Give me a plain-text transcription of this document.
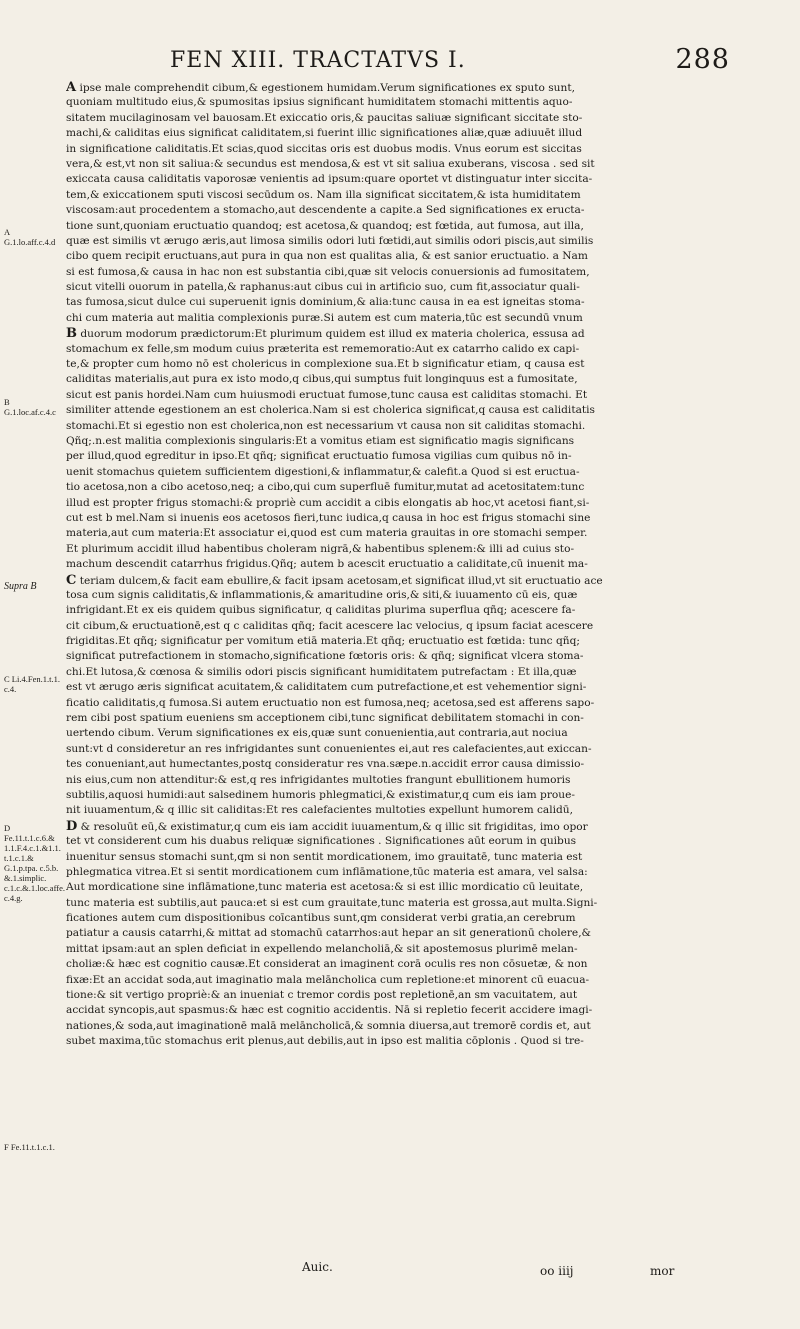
FEN XIII. TRACTATVS I.	288
A G.1.lo.aff.c.4.d
B G.1.loc.af.c.4.c
Supra B
C Li.4.Fen.1.t.1. c.4.
D Fe.11.t.1.c.6.& 1.1.F.4.c.1.&1.1. t.1.c.1.& G.1.p.tpa. c.5.b. &.1.simplic. c.1.c.&.1.loc.affe. c.4.g.
F Fe.11.t.1.c.1.
A ipse male comprehendit cibum,& egestionem humidam.Verum significationes ex sputo sunt,
quoniam multitudo eius,& spumositas ipsius significant humiditatem stomachi mittentis aquo-
sitatem mucilaginosam vel bauosam.Et exiccatio oris,& paucitas saliuæ significant siccitate sto-
machi,& caliditas eius significat caliditatem,si fuerint illic significationes aliæ,quæ adiuuēt illud
in significatione caliditatis.Et scias,quod siccitas oris est duobus modis. Vnus eorum est siccitas
vera,& est,vt non sit saliua:& secundus est mendosa,& est vt sit saliua exuberans, viscosa . sed sit
exiccata causa caliditatis vaporosæ venientis ad ipsum:quare oportet vt distinguatur inter siccita-
tem,& exiccationem sputi viscosi secūdum os. Nam illa significat siccitatem,& ista humiditatem
viscosam:aut procedentem a stomacho,aut descendente a capite.a Sed significationes ex eructa-
tione sunt,quoniam eructuatio quandoq; est acetosa,& quandoq; est fœtida, aut fumosa, aut illa,
quæ est similis vt ærugo æris,aut limosa similis odori luti fœtidi,aut similis odori piscis,aut similis
cibo quem recipit eructuans,aut pura in qua non est qualitas alia, & est sanior eructuatio. a Nam
si est fumosa,& causa in hac non est substantia cibi,quæ sit velocis conuersionis ad fumositatem,
sicut vitelli ouorum in patella,& raphanus:aut cibus cui in artificio suo, cum fit,associatur quali-
tas fumosa,sicut dulce cui superuenit ignis dominium,& alia:tunc causa in ea est igneitas stoma-
chi cum materia aut malitia complexionis puræ.Si autem est cum materia,tūc est secundū vnum
B duorum modorum prædictorum:Et plurimum quidem est illud ex materia cholerica, essusa ad
stomachum ex felle,sm modum cuius præterita est rememoratio:Aut ex catarrho calido ex capi-
te,& propter cum homo nō est cholericus in complexione sua.Et b significatur etiam, q causa est
caliditas materialis,aut pura ex isto modo,q cibus,qui sumptus fuit longinquus est a fumositate,
sicut est panis hordei.Nam cum huiusmodi eructuat fumose,tunc causa est caliditas stomachi. Et
similiter attende egestionem an est cholerica.Nam si est cholerica significat,q causa est caliditatis
stomachi.Et si egestio non est cholerica,non est necessarium vt causa non sit caliditas stomachi.
Qñq;.n.est malitia complexionis singularis:Et a vomitus etiam est significatio magis significans
per illud,quod egreditur in ipso.Et qñq; significat eructuatio fumosa vigilias cum quibus nō in-
uenit stomachus quietem sufficientem digestioni,& inflammatur,& calefit.a Quod si est eructua-
tio acetosa,non a cibo acetoso,neq; a cibo,qui cum superfluē fumitur,mutat ad acetositatem:tunc
illud est propter frigus stomachi:& propriè cum accidit a cibis elongatis ab hoc,vt acetosi fiant,si-
cut est b mel.Nam si inuenis eos acetosos fieri,tunc iudica,q causa in hoc est frigus stomachi sine
materia,aut cum materia:Et associatur ei,quod est cum materia grauitas in ore stomachi semper.
Et plurimum accidit illud habentibus choleram nigrā,& habentibus splenem:& illi ad cuius sto-
machum descendit catarrhus frigidus.Qñq; autem b acescit eructuatio a caliditate,cū inuenit ma-
C teriam dulcem,& facit eam ebullire,& facit ipsam acetosam,et significat illud,vt sit eructuatio ace
tosa cum signis caliditatis,& inflammationis,& amaritudine oris,& siti,& iuuamento cū eis, quæ
infrigidant.Et ex eis quidem quibus significatur, q caliditas plurima superflua qñq; acescere fa-
cit cibum,& eructuationē,est q c caliditas qñq; facit acescere lac velocius, q ipsum faciat acescere
frigiditas.Et qñq; significatur per vomitum etiā materia.Et qñq; eructuatio est fœtida: tunc qñq;
significat putrefactionem in stomacho,significatione fœtoris oris: & qñq; significat vlcera stoma-
chi.Et lutosa,& cœnosa & similis odori piscis significant humiditatem putrefactam : Et illa,quæ
est vt ærugo æris significat acuitatem,& caliditatem cum putrefactione,et est vehementior signi-
ficatio caliditatis,q fumosa.Si autem eructuatio non est fumosa,neq; acetosa,sed est afferens sapo-
rem cibi post spatium eueniens sm acceptionem cibi,tunc significat debilitatem stomachi in con-
uertendo cibum. Verum significationes ex eis,quæ sunt conuenientia,aut contraria,aut nociua
sunt:vt d consideretur an res infrigidantes sunt conuenientes ei,aut res calefacientes,aut exiccan-
tes conueniant,aut humectantes,postq consideratur res vna.sæpe.n.accidit error causa dimissio-
nis eius,cum non attenditur:& est,q res infrigidantes multoties frangunt ebullitionem humoris
subtilis,aquosi humidi:aut salsedinem humoris phlegmatici,& existimatur,q cum eis iam proue-
nit iuuamentum,& q illic sit caliditas:Et res calefacientes multoties expellunt humorem calidū,
D & resoluūt eū,& existimatur,q cum eis iam accidit iuuamentum,& q illic sit frigiditas, imo opor
tet vt considerent cum his duabus reliquæ significationes . Significationes aūt eorum in quibus
inuenitur sensus stomachi sunt,qm si non sentit mordicationem, imo grauitatē, tunc materia est
phlegmatica vitrea.Et si sentit mordicationem cum inflāmatione,tūc materia est amara, vel salsa:
Aut mordicatione sine inflāmatione,tunc materia est acetosa:& si est illic mordicatio cū leuitate,
tunc materia est subtilis,aut pauca:et si est cum grauitate,tunc materia est grossa,aut multa.Signi-
ficationes autem cum dispositionibus coīcantibus sunt,qm considerat verbi gratia,an cerebrum
patiatur a causis catarrhi,& mittat ad stomachū catarrhos:aut hepar an sit generationū cholere,&
mittat ipsam:aut an splen deficiat in expellendo melancholiā,& sit apostemosus plurimē melan-
choliæ:& hæc est cognitio causæ.Et considerat an imaginent corā oculis res non cōsuetæ, & non
fixæ:Et an accidat soda,aut imaginatio mala melāncholica cum repletione:et minorent cū euacua-
tione:& sit vertigo propriè:& an inueniat c tremor cordis post repletionē,an sm vacuitatem, aut
accidat syncopis,aut spasmus:& hæc est cognitio accidentis. Nā si repletio fecerit accidere imagi-
nationes,& soda,aut imaginationē malā melāncholicā,& somnia diuersa,aut tremorē cordis et, aut
subet maxima,tūc stomachus erit plenus,aut debilis,aut in ipso est malitia cōplonis . Quod si tre-
Auic.	oo iiij	mor
